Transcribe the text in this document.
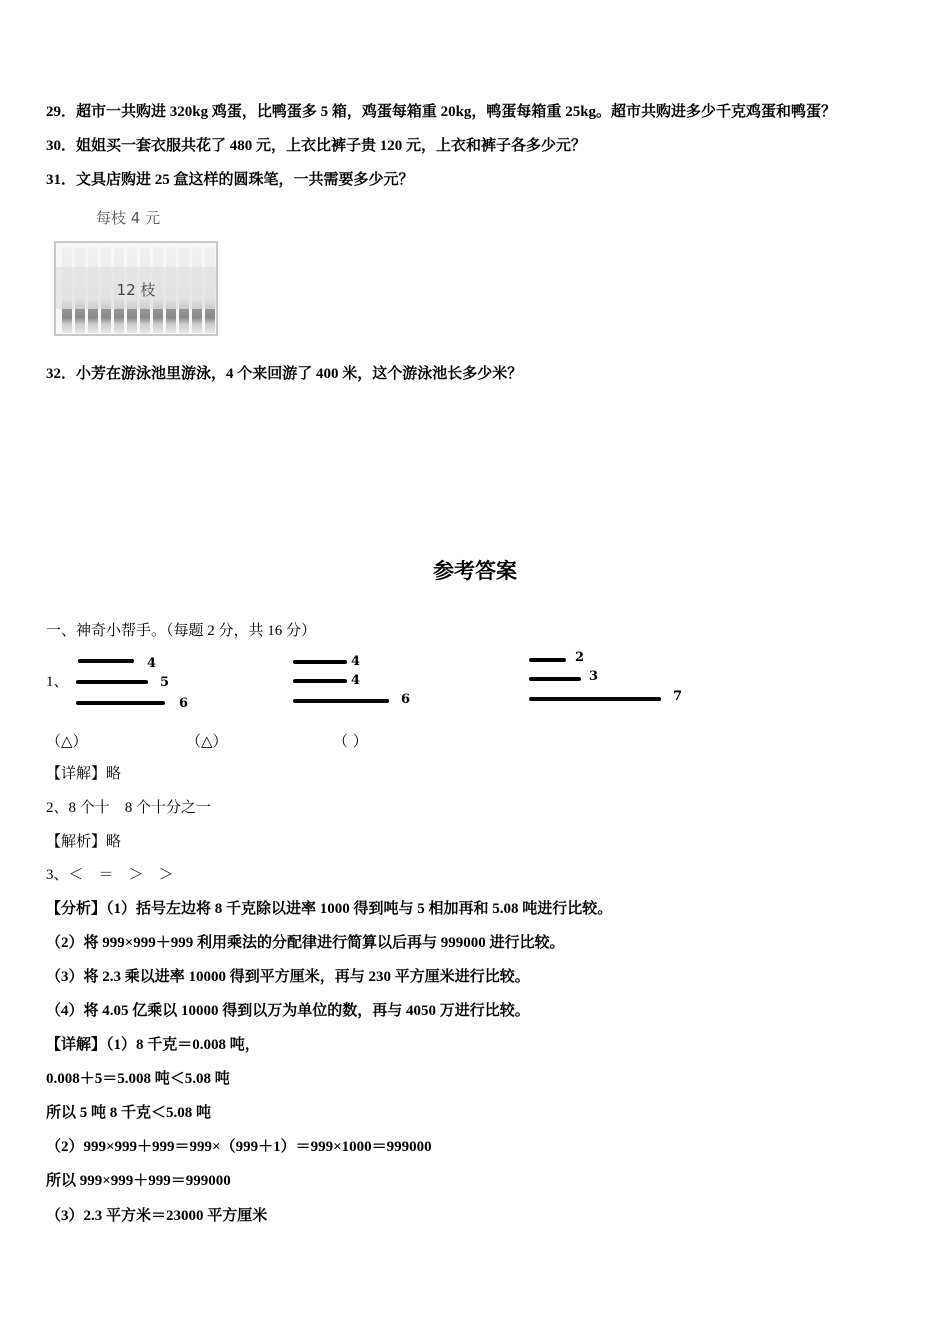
29．超市一共购进 320kg 鸡蛋，比鸭蛋多 5 箱，鸡蛋每箱重 20kg，鸭蛋每箱重 25kg。超市共购进多少千克鸡蛋和鸭蛋？
30．姐姐买一套衣服共花了 480 元，上衣比裤子贵 120 元，上衣和裤子各多少元？
31．文具店购进 25 盒这样的圆珠笔，一共需要多少元？
每枝 4 元
12 枝
32．小芳在游泳池里游泳，4 个来回游了 400 米，这个游泳池长多少米？
参考答案
一、神奇小帮手。（每题 2 分，共 16 分）
1、
4
5
6
4
4
6
2
3
7
（△）	（△）	（ ）
【详解】略
2、8 个十　8 个十分之一
【解析】略
3、＜　＝　＞　＞
【分析】（1）括号左边将 8 千克除以进率 1000 得到吨与 5 相加再和 5.08 吨进行比较。
（2）将 999×999＋999 利用乘法的分配律进行简算以后再与 999000 进行比较。
（3）将 2.3 乘以进率 10000 得到平方厘米，再与 230 平方厘米进行比较。
（4）将 4.05 亿乘以 10000 得到以万为单位的数，再与 4050 万进行比较。
【详解】（1）8 千克＝0.008 吨，
0.008＋5＝5.008 吨＜5.08 吨
所以 5 吨 8 千克＜5.08 吨
（2）999×999＋999＝999×（999＋1）＝999×1000＝999000
所以 999×999＋999＝999000
（3）2.3 平方米＝23000 平方厘米
